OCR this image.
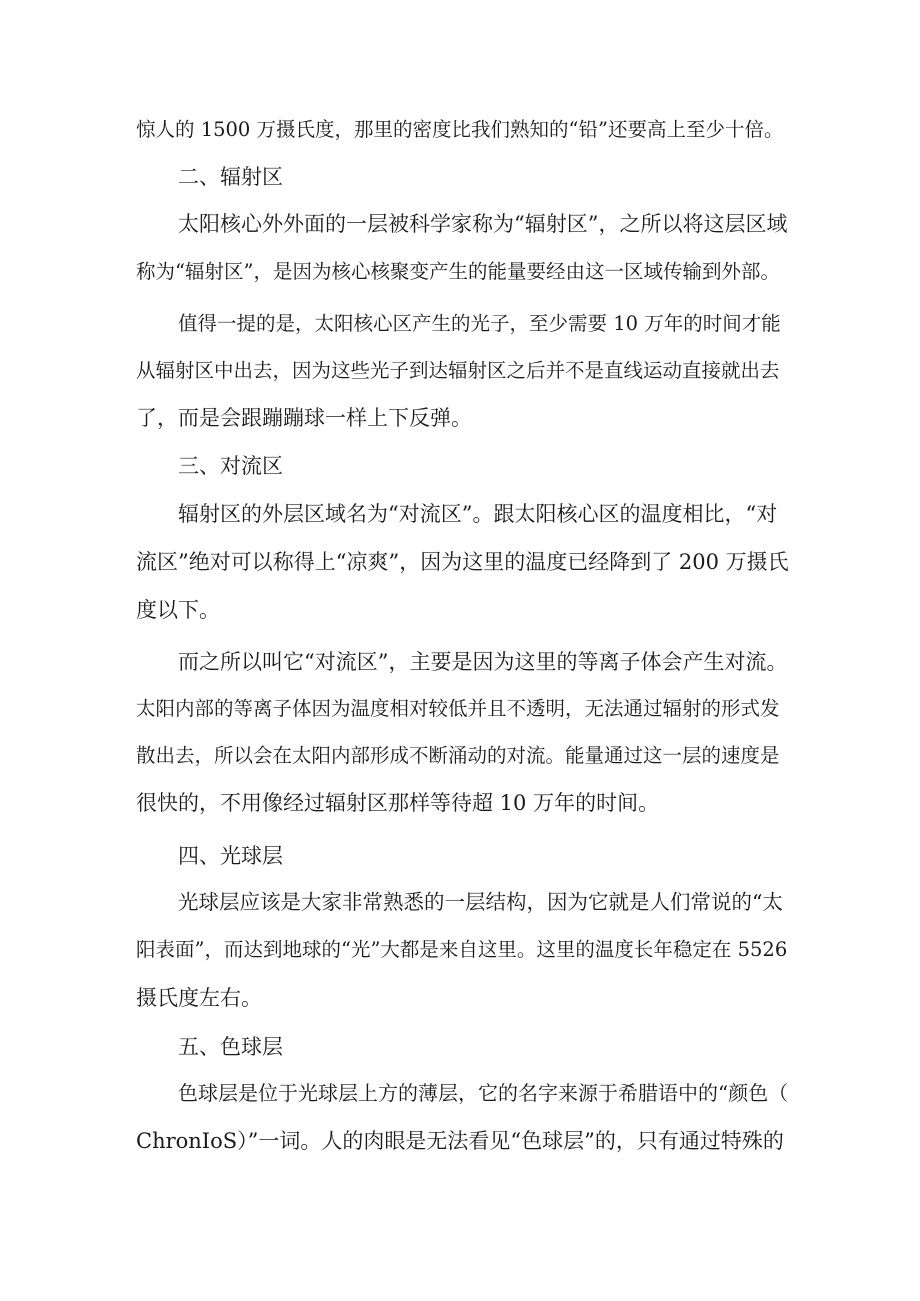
惊人的 1500 万摄氏度，那里的密度比我们熟知的“铅”还要高上至少十倍。
二、辐射区
太阳核心外外面的一层被科学家称为“辐射区”，之所以将这层区域
称为“辐射区”，是因为核心核聚变产生的能量要经由这一区域传输到外部。
值得一提的是，太阳核心区产生的光子，至少需要 10 万年的时间才能
从辐射区中出去，因为这些光子到达辐射区之后并不是直线运动直接就出去
了，而是会跟蹦蹦球一样上下反弹。
三、对流区
辐射区的外层区域名为“对流区”。跟太阳核心区的温度相比，“对
流区”绝对可以称得上“凉爽”，因为这里的温度已经降到了 200 万摄氏
度以下。
而之所以叫它“对流区”，主要是因为这里的等离子体会产生对流。
太阳内部的等离子体因为温度相对较低并且不透明，无法通过辐射的形式发
散出去，所以会在太阳内部形成不断涌动的对流。能量通过这一层的速度是
很快的，不用像经过辐射区那样等待超 10 万年的时间。
四、光球层
光球层应该是大家非常熟悉的一层结构，因为它就是人们常说的“太
阳表面”，而达到地球的“光”大都是来自这里。这里的温度长年稳定在 5526
摄氏度左右。
五、色球层
色球层是位于光球层上方的薄层，它的名字来源于希腊语中的“颜色（
ChronIoS）”一词。人的肉眼是无法看见“色球层”的，只有通过特殊的
